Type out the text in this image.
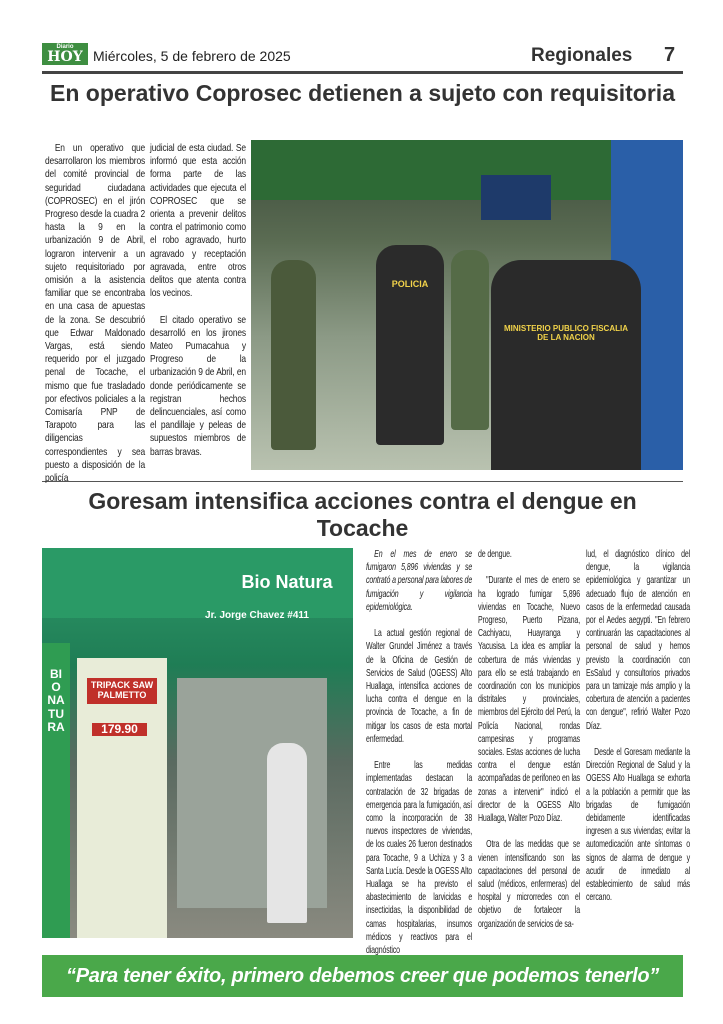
Diario
HOY Miércoles, 5 de febrero de 2025	Regionales 7
En operativo Coprosec detienen a sujeto con requisitoria

En un operativo que desarrollaron los miembros del comité provincial de seguridad ciudadana (COPROSEC) en el jirón Progreso desde la cuadra 2 hasta la 9 en la urbanización 9 de Abril, lograron intervenir a un sujeto requisitoriado por omisión a la asistencia familiar que se encontraba en una casa de apuestas de la zona. Se descubrió que Edwar Maldonado Vargas, está siendo requerido por el juzgado penal de Tocache, el mismo que fue trasladado por efectivos policiales a la Comisaría PNP de Tarapoto para las diligencias correspondientes y sea puesto a disposición de la policía

judicial de esta ciudad. Se informó que esta acción forma parte de las actividades que ejecuta el COPROSEC que se orienta a prevenir delitos contra el patrimonio como el robo agravado, hurto agravado y receptación agravada, entre otros delitos que atenta contra los vecinos.

El citado operativo se desarrolló en los jirones Mateo Pumacahua y Progreso de la urbanización 9 de Abril, en donde periódicamente se registran hechos delincuenciales, así como el pandillaje y peleas de supuestos miembros de barras bravas.

POLICIA
MINISTERIO PUBLICO FISCALIA DE LA NACION
Goresam intensifica acciones contra el dengue en Tocache
Bio Natura
Jr. Jorge Chavez #411
BIO NATURA
TRIPACK SAW PALMETTO
179.90

En el mes de enero se fumigaron 5,896 viviendas y se contrató a personal para labores de fumigación y vigilancia epidemiológica.

La actual gestión regional de Walter Grundel Jiménez a través de la Oficina de Gestión de Servicios de Salud (OGESS) Alto Huallaga, intensifica acciones de lucha contra el dengue en la provincia de Tocache, a fin de mitigar los casos de esta mortal enfermedad.

Entre las medidas implementadas destacan la contratación de 32 brigadas de emergencia para la fumigación, así como la incorporación de 38 nuevos inspectores de viviendas, de los cuales 26 fueron destinados para Tocache, 9 a Uchiza y 3 a Santa Lucía. Desde la OGESS Alto Huallaga se ha previsto el abastecimiento de larvicidas e insecticidas, la disponibilidad de camas hospitalarias, insumos médicos y reactivos para el diagnóstico

de dengue.

"Durante el mes de enero se ha logrado fumigar 5,896 viviendas en Tocache, Nuevo Progreso, Puerto Pizana, Cachiyacu, Huayranga y Yacusisa. La idea es ampliar la cobertura de más viviendas y para ello se está trabajando en coordinación con los municipios distritales y provinciales, miembros del Ejército del Perú, la Policía Nacional, rondas campesinas y programas sociales. Estas acciones de lucha contra el dengue están acompañadas de perifoneo en las zonas a intervenir" indicó el director de la OGESS Alto Huallaga, Walter Pozo Díaz.

Otra de las medidas que se vienen intensificando son las capacitaciones del personal de salud (médicos, enfermeras) del hospital y microrredes con el objetivo de fortalecer la organización de servicios de sa-

lud, el diagnóstico clínico del dengue, la vigilancia epidemiológica y garantizar un adecuado flujo de atención en casos de la enfermedad causada por el Aedes aegypti. "En febrero continuarán las capacitaciones al personal de salud y hemos previsto la coordinación con EsSalud y consultorios privados para un tamizaje más amplio y la cobertura de atención a pacientes con dengue", refirió Walter Pozo Díaz.

Desde el Goresam mediante la Dirección Regional de Salud y la OGESS Alto Huallaga se exhorta a la población a permitir que las brigadas de fumigación debidamente identificadas ingresen a sus viviendas; evitar la automedicación ante síntomas o signos de alarma de dengue y acudir de inmediato al establecimiento de salud más cercano.

“Para tener éxito, primero debemos creer que podemos tenerlo”
